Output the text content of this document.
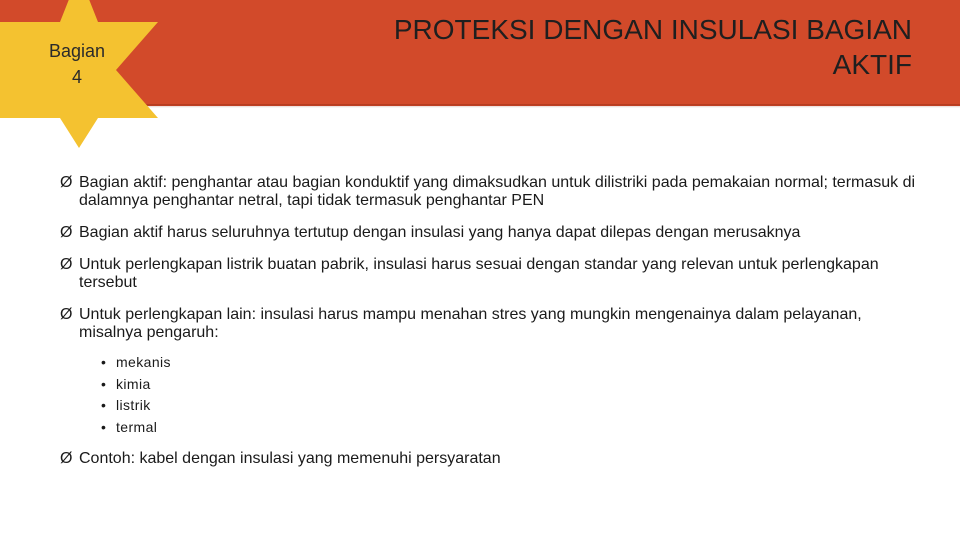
Bagian
4
PROTEKSI DENGAN INSULASI BAGIAN
AKTIF
Ø Bagian aktif: penghantar atau bagian konduktif yang dimaksudkan untuk dilistriki pada pemakaian normal; termasuk di dalamnya penghantar netral, tapi tidak termasuk penghantar PEN
Ø Bagian aktif harus seluruhnya tertutup dengan insulasi yang hanya dapat dilepas dengan merusaknya
Ø Untuk perlengkapan listrik buatan pabrik, insulasi harus sesuai dengan standar yang relevan untuk perlengkapan tersebut
Ø Untuk perlengkapan lain: insulasi harus mampu menahan stres yang mungkin mengenainya dalam pelayanan, misalnya pengaruh:
• mekanis
• kimia
• listrik
• termal
Ø Contoh: kabel dengan insulasi yang memenuhi persyaratan
